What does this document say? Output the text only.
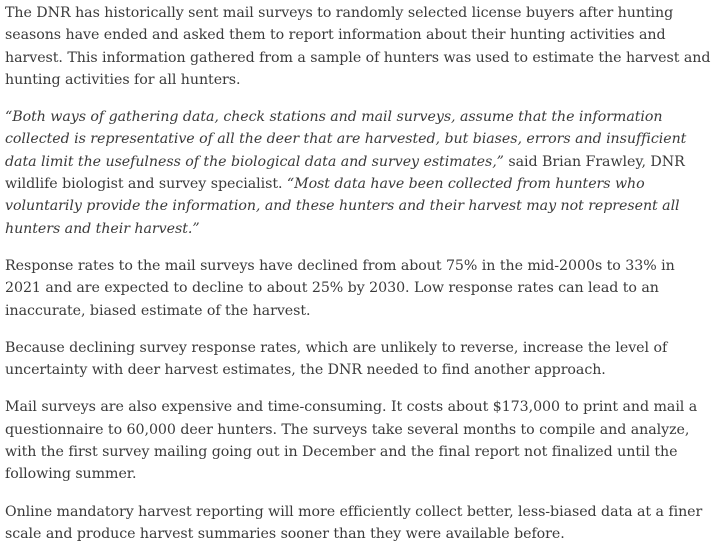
The DNR has historically sent mail surveys to randomly selected license buyers after hunting seasons have ended and asked them to report information about their hunting activities and harvest. This information gathered from a sample of hunters was used to estimate the harvest and hunting activities for all hunters.

“Both ways of gathering data, check stations and mail surveys, assume that the information collected is representative of all the deer that are harvested, but biases, errors and insufficient data limit the usefulness of the biological data and survey estimates,” said Brian Frawley, DNR wildlife biologist and survey specialist. “Most data have been collected from hunters who voluntarily provide the information, and these hunters and their harvest may not represent all hunters and their harvest.”

Response rates to the mail surveys have declined from about 75% in the mid-2000s to 33% in 2021 and are expected to decline to about 25% by 2030. Low response rates can lead to an inaccurate, biased estimate of the harvest.

Because declining survey response rates, which are unlikely to reverse, increase the level of uncertainty with deer harvest estimates, the DNR needed to find another approach.

Mail surveys are also expensive and time-consuming. It costs about $173,000 to print and mail a questionnaire to 60,000 deer hunters. The surveys take several months to compile and analyze, with the first survey mailing going out in December and the final report not finalized until the following summer.

Online mandatory harvest reporting will more efficiently collect better, less-biased data at a finer scale and produce harvest summaries sooner than they were available before.
